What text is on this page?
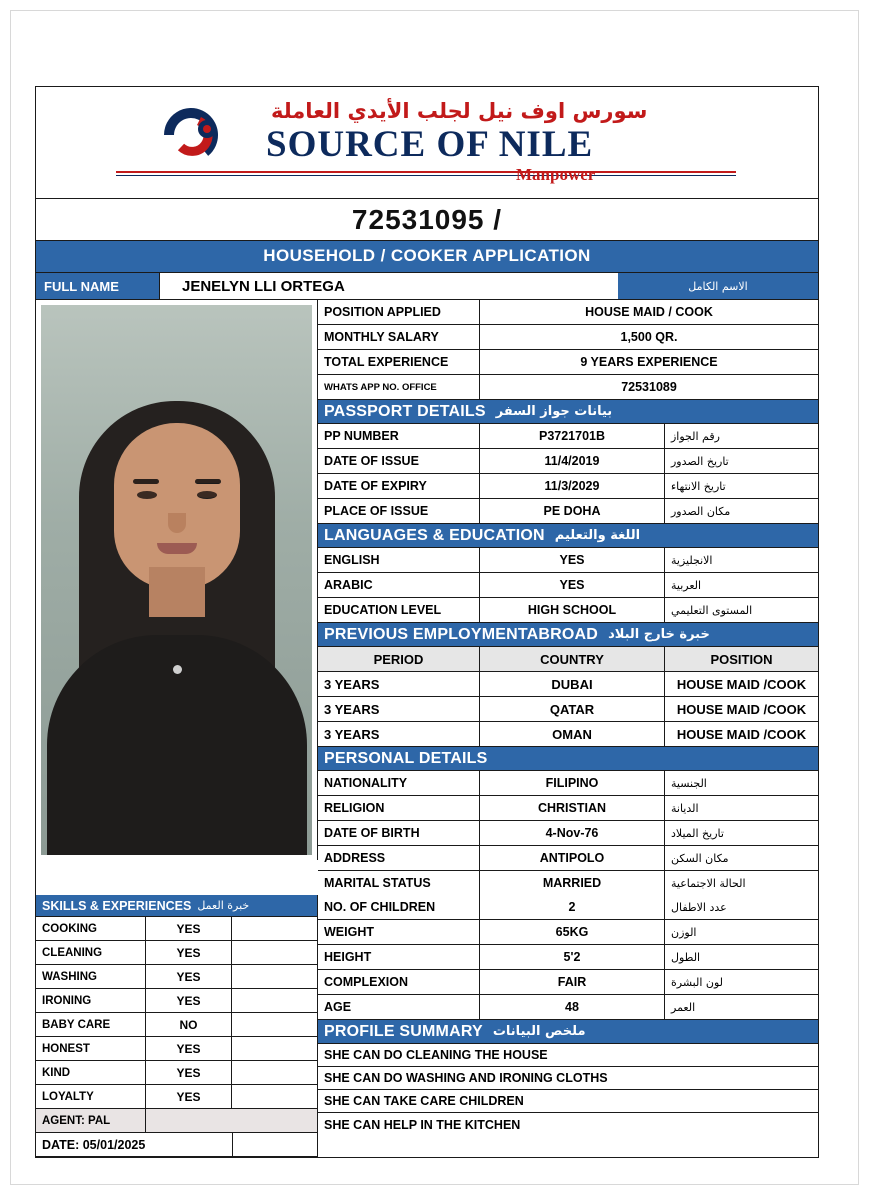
سورس اوف نيل لجلب الأيدي العاملة
SOURCE OF NILE
Manpower
72531095 /
HOUSEHOLD / COOKER APPLICATION
FULL NAME	JENELYN LLI ORTEGA	الاسم الكامل
POSITION APPLIED	HOUSE MAID / COOK
MONTHLY SALARY	1,500 QR.
TOTAL EXPERIENCE	9 YEARS EXPERIENCE
WHATS APP NO. OFFICE	72531089
PASSPORT DETAILS بيانات جواز السفر
PP NUMBER	P3721701B	رقم الجواز
DATE OF ISSUE	11/4/2019	تاريخ الصدور
DATE OF EXPIRY	11/3/2029	تاريخ الانتهاء
PLACE OF ISSUE	PE DOHA	مكان الصدور
LANGUAGES & EDUCATION اللغة والتعليم
ENGLISH	YES	الانجليزية
ARABIC	YES	العربية
EDUCATION LEVEL	HIGH SCHOOL	المستوى التعليمي
PREVIOUS EMPLOYMENTABROAD خبرة خارج البلاد
PERIOD	COUNTRY	POSITION
3 YEARS	DUBAI	HOUSE MAID /COOK
3 YEARS	QATAR	HOUSE MAID /COOK
3 YEARS	OMAN	HOUSE MAID /COOK
PERSONAL DETAILS
NATIONALITY	FILIPINO	الجنسية
RELIGION	CHRISTIAN	الديانة
DATE OF BIRTH	4-Nov-76	تاريخ الميلاد
ADDRESS	ANTIPOLO	مكان السكن
MARITAL STATUS	MARRIED	الحالة الاجتماعية
SKILLS & EXPERIENCES خبرة العمل
COOKING	YES
CLEANING	YES
WASHING	YES
IRONING	YES
BABY CARE	NO
HONEST	YES
KIND	YES
LOYALTY	YES
AGENT: PAL
DATE: 05/01/2025
NO. OF CHILDREN	2	عدد الاطفال
WEIGHT	65KG	الوزن
HEIGHT	5'2	الطول
COMPLEXION	FAIR	لون البشرة
AGE	48	العمر
PROFILE SUMMARY ملخص البيانات
SHE CAN DO CLEANING THE HOUSE
SHE CAN DO WASHING AND IRONING CLOTHS
SHE CAN TAKE CARE CHILDREN
SHE CAN HELP IN THE KITCHEN
